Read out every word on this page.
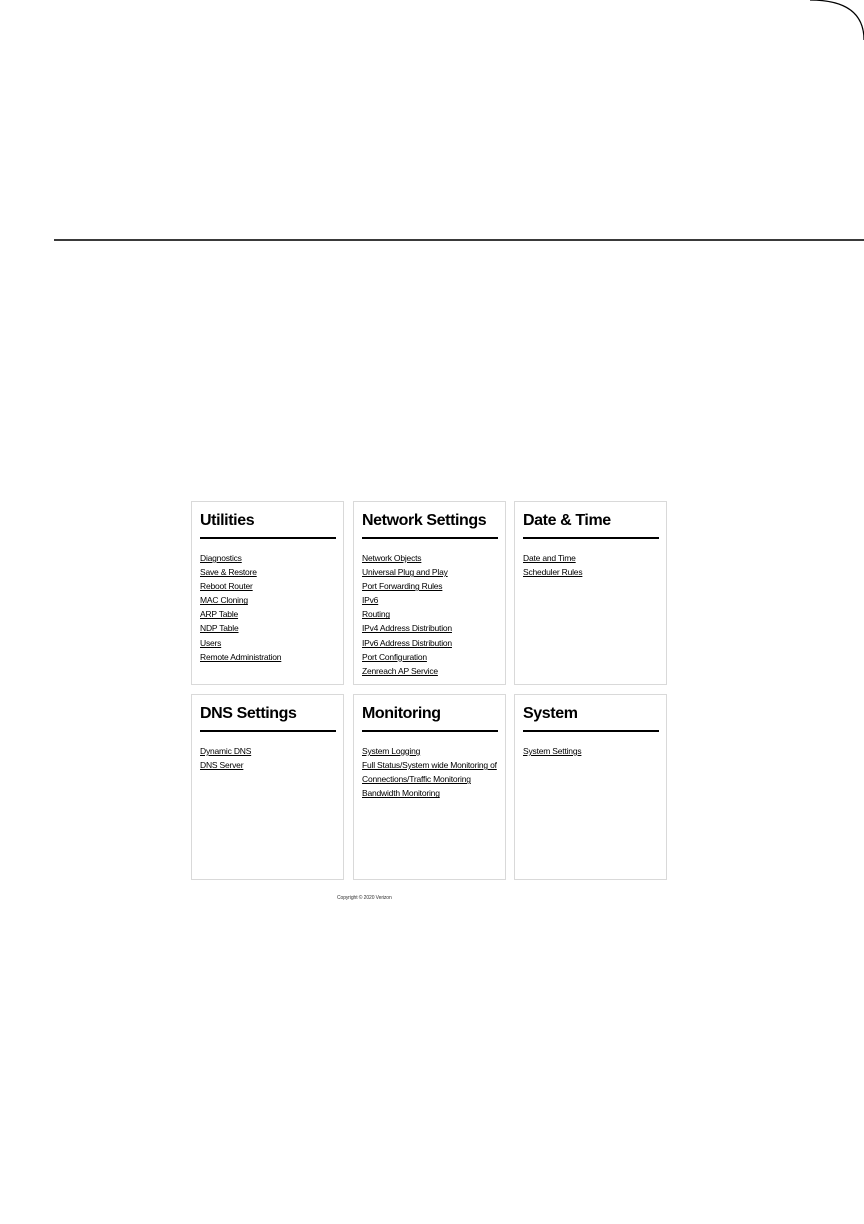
Utilities
Diagnostics
Save & Restore
Reboot Router
MAC Cloning
ARP Table
NDP Table
Users
Remote Administration
Network Settings
Network Objects
Universal Plug and Play
Port Forwarding Rules
IPv6
Routing
IPv4 Address Distribution
IPv6 Address Distribution
Port Configuration
Zenreach AP Service
Date & Time
Date and Time
Scheduler Rules
DNS Settings
Dynamic DNS
DNS Server
Monitoring
System Logging
Full Status/System wide Monitoring of Connections/Traffic Monitoring
Bandwidth Monitoring
System
System Settings
Copyright © 2020 Verizon
